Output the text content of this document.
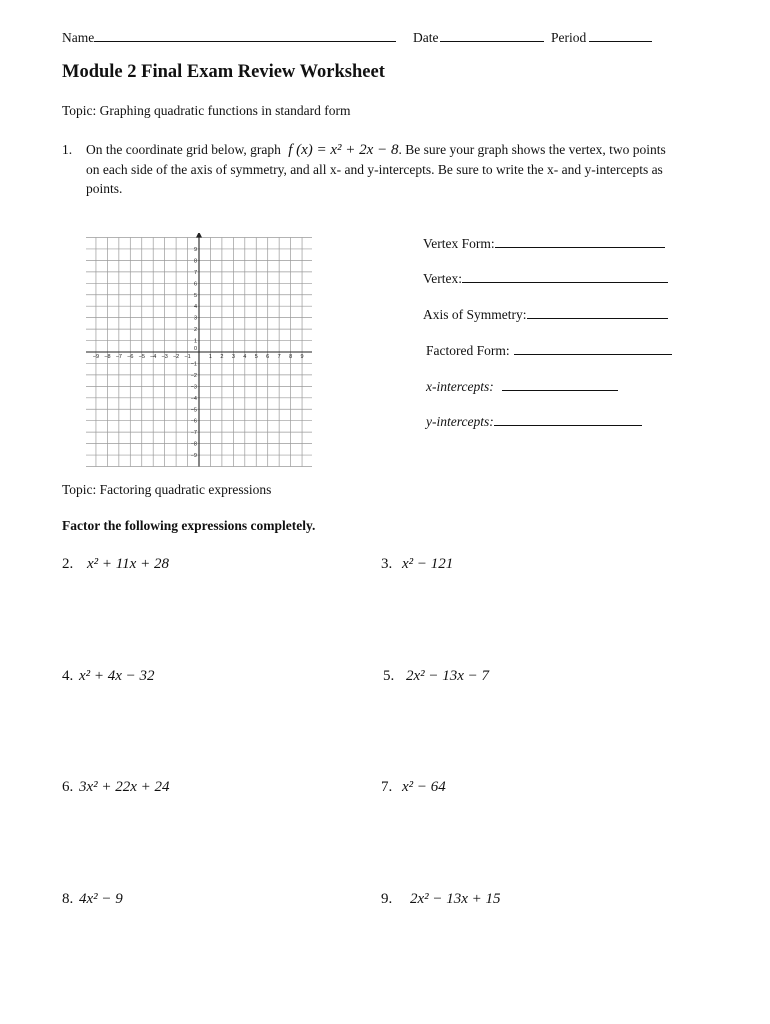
Name	Date	Period
Module 2 Final Exam Review Worksheet
Topic: Graphing quadratic functions in standard form
1. On the coordinate grid below, graph f (x) = x² + 2x − 8. Be sure your graph shows the vertex, two points
on each side of the axis of symmetry, and all x- and y-intercepts. Be sure to write the x- and y-intercepts as
points.
−9 −8 −7 −6 −5 −4 −3 −2 −1	1 2 3 4 5 6 7 8 9
9
8
7
6
5
4
3
2
1
0
−1
−2
−3
−4
−5
−6
−7
−8
−9
Vertex Form:
Vertex:
Axis of Symmetry:
Factored Form:
x-intercepts:
y-intercepts:
Topic: Factoring quadratic expressions
Factor the following expressions completely.
2. x² + 11x + 28	3. x² − 121
4. x² + 4x − 32	5. 2x² − 13x − 7
6. 3x² + 22x + 24	7. x² − 64
8. 4x² − 9	9. 2x² − 13x + 15
